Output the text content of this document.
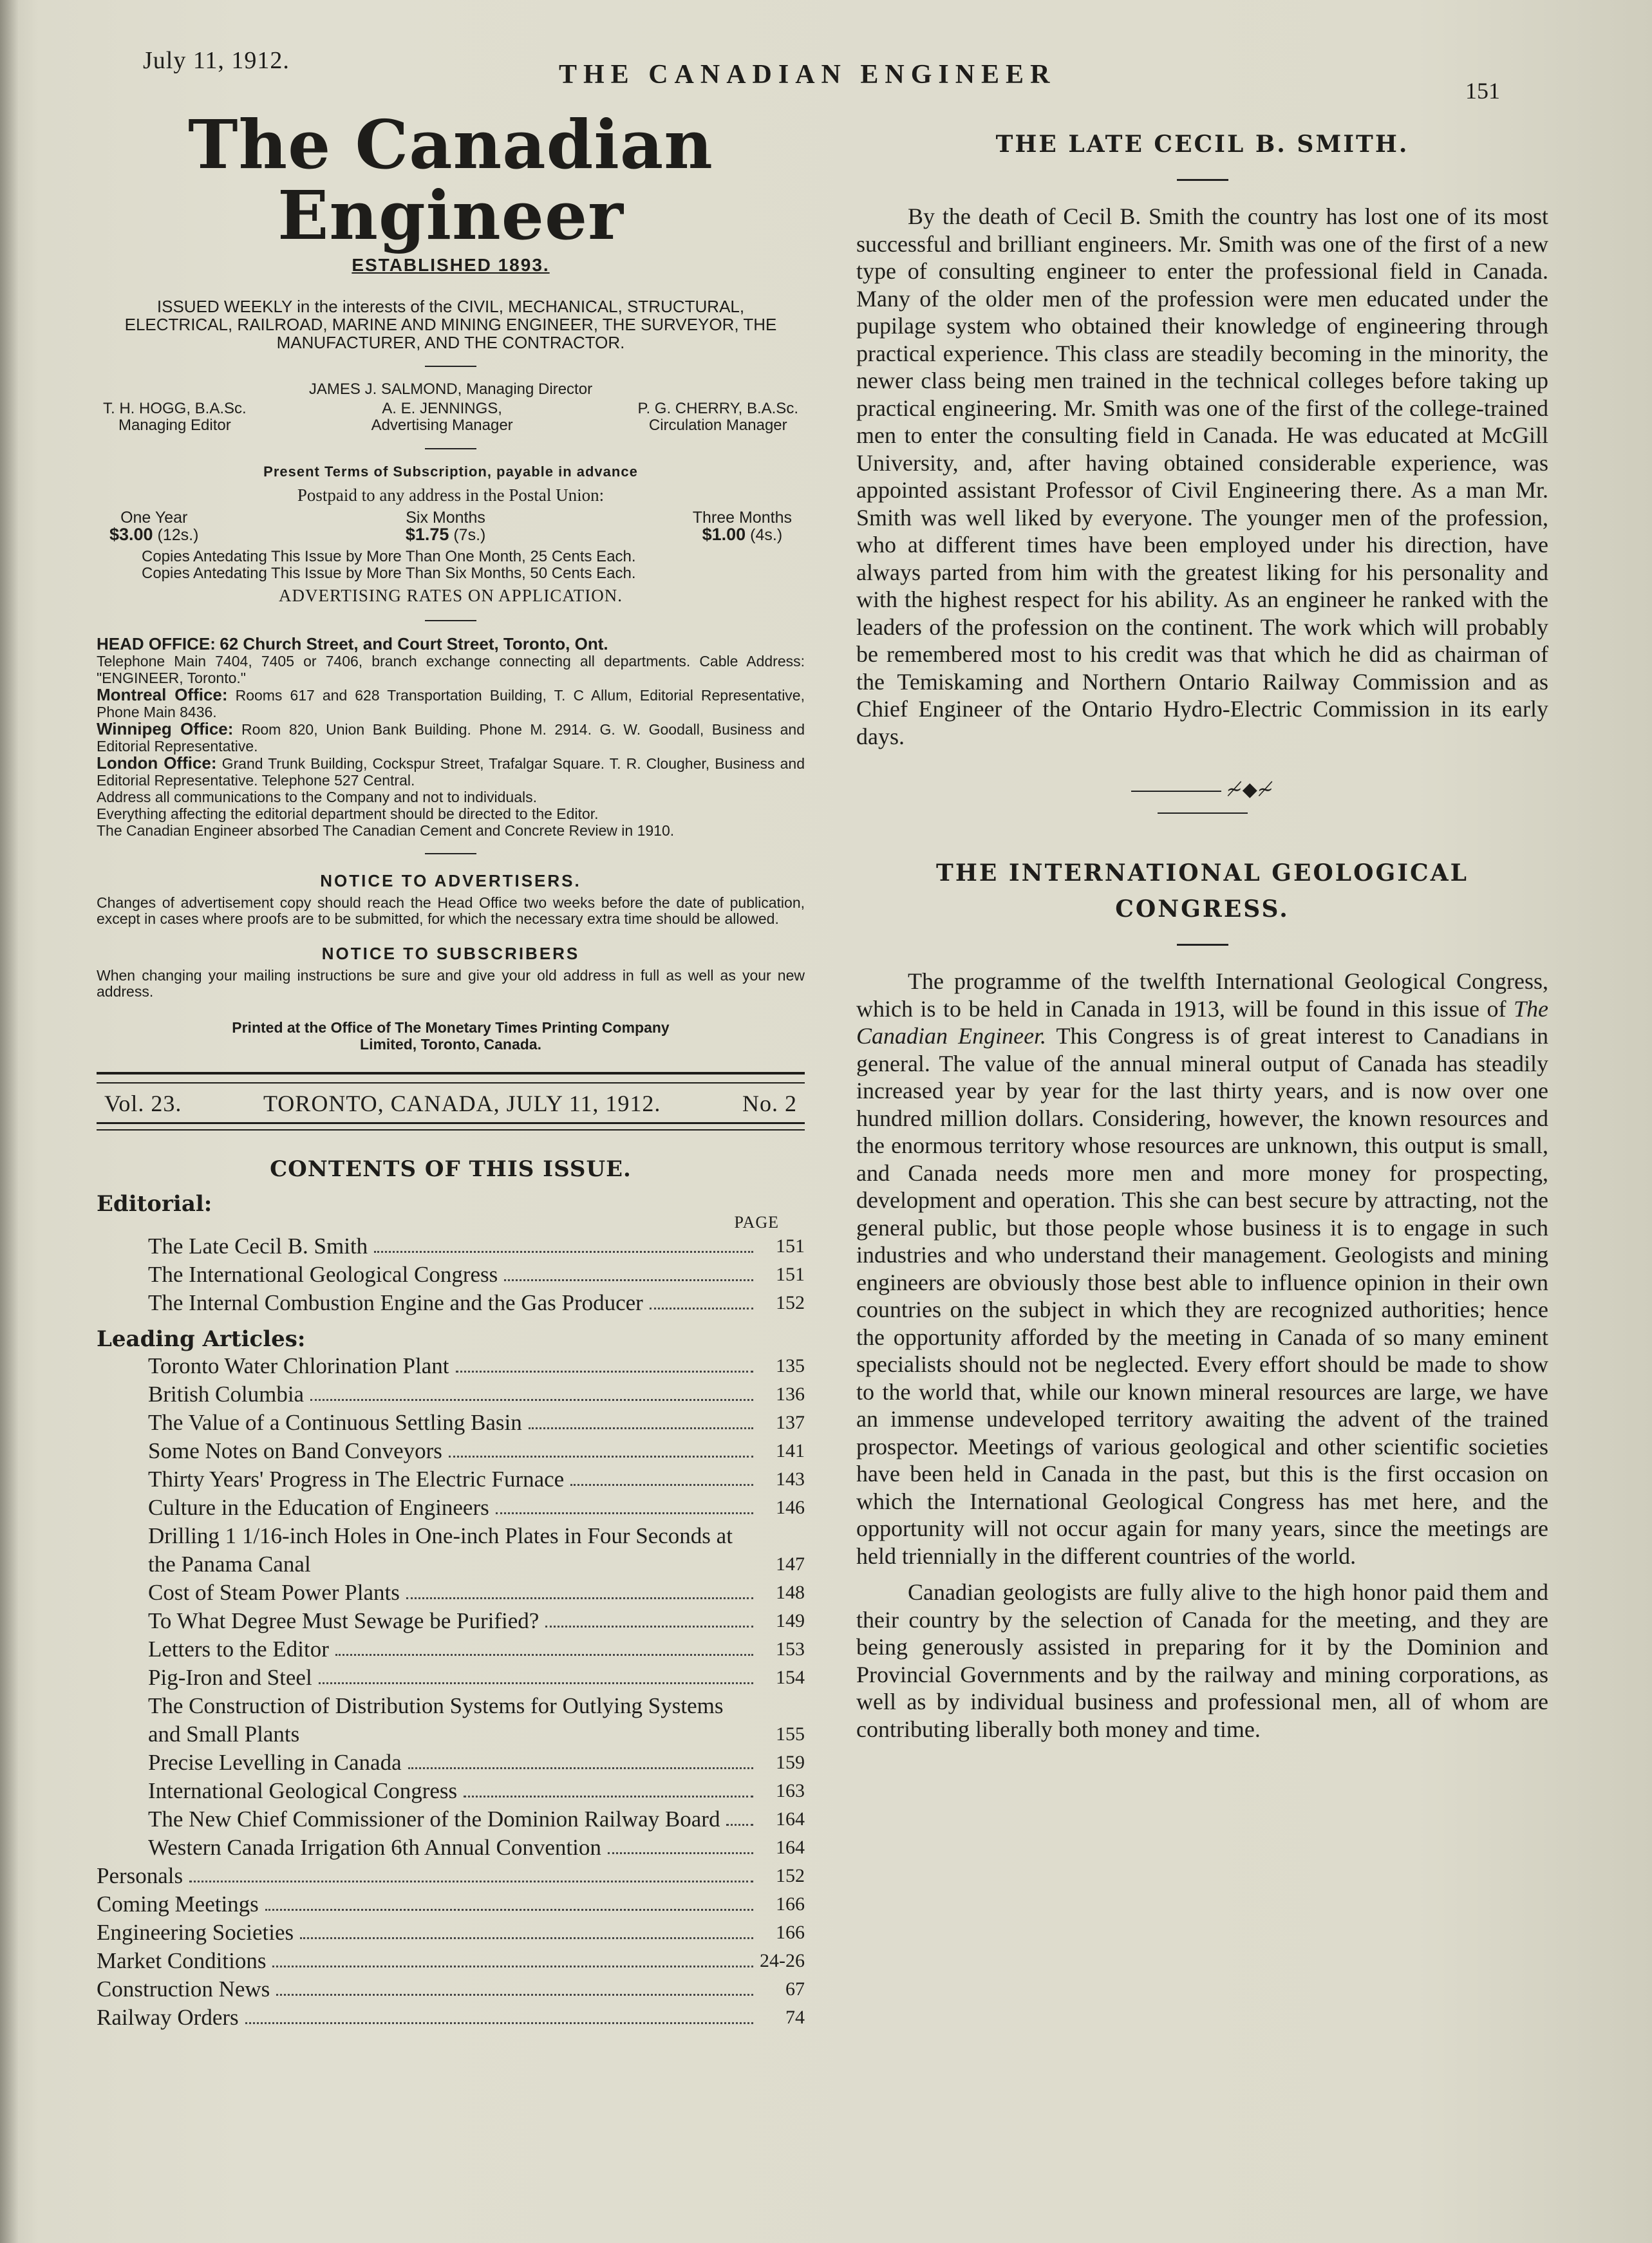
July 11, 1912.	THE CANADIAN ENGINEER
151
The Canadian Engineer
ESTABLISHED 1893.
ISSUED WEEKLY in the interests of the CIVIL, MECHANICAL, STRUCTURAL, ELECTRICAL, RAILROAD, MARINE AND MINING ENGINEER, THE SURVEYOR, THE MANUFACTURER, AND THE CONTRACTOR.
JAMES J. SALMOND, Managing Director
T. H. HOGG, B.A.Sc.
Managing Editor
A. E. JENNINGS,
Advertising Manager
P. G. CHERRY, B.A.Sc.
Circulation Manager
Present Terms of Subscription, payable in advance
Postpaid to any address in the Postal Union:
One Year
$3.00 (12s.)
Six Months
$1.75 (7s.)
Three Months
$1.00 (4s.)
Copies Antedating This Issue by More Than One Month, 25 Cents Each.
Copies Antedating This Issue by More Than Six Months, 50 Cents Each.
ADVERTISING RATES ON APPLICATION.
HEAD OFFICE: 62 Church Street, and Court Street, Toronto, Ont.
Telephone Main 7404, 7405 or 7406, branch exchange connecting all departments. Cable Address: "ENGINEER, Toronto."
Montreal Office: Rooms 617 and 628 Transportation Building, T. C Allum, Editorial Representative, Phone Main 8436.
Winnipeg Office: Room 820, Union Bank Building. Phone M. 2914. G. W. Goodall, Business and Editorial Representative.
London Office: Grand Trunk Building, Cockspur Street, Trafalgar Square. T. R. Clougher, Business and Editorial Representative. Telephone 527 Central.
Address all communications to the Company and not to individuals.
Everything affecting the editorial department should be directed to the Editor.
The Canadian Engineer absorbed The Canadian Cement and Concrete Review in 1910.
NOTICE TO ADVERTISERS.
Changes of advertisement copy should reach the Head Office two weeks before the date of publication, except in cases where proofs are to be submitted, for which the necessary extra time should be allowed.
NOTICE TO SUBSCRIBERS
When changing your mailing instructions be sure and give your old address in full as well as your new address.
Printed at the Office of The Monetary Times Printing Company
Limited, Toronto, Canada.
Vol. 23.	TORONTO, CANADA, JULY 11, 1912.	No. 2
CONTENTS OF THIS ISSUE.
Editorial:
PAGE
The Late Cecil B. Smith	151
The International Geological Congress	151
The Internal Combustion Engine and the Gas Producer	152
Leading Articles:
Toronto Water Chlorination Plant	135
British Columbia	136
The Value of a Continuous Settling Basin	137
Some Notes on Band Conveyors	141
Thirty Years' Progress in The Electric Furnace	143
Culture in the Education of Engineers	146
Drilling 1 1/16-inch Holes in One-inch Plates in Four Seconds at the Panama Canal	147
Cost of Steam Power Plants	148
To What Degree Must Sewage be Purified?	149
Letters to the Editor	153
Pig-Iron and Steel	154
The Construction of Distribution Systems for Outlying Systems and Small Plants	155
Precise Levelling in Canada	159
International Geological Congress	163
The New Chief Commissioner of the Dominion Railway Board	164
Western Canada Irrigation 6th Annual Convention	164
Personals	152
Coming Meetings	166
Engineering Societies	166
Market Conditions	24-26
Construction News	67
Railway Orders	74
THE LATE CECIL B. SMITH.

By the death of Cecil B. Smith the country has lost one of its most successful and brilliant engineers. Mr. Smith was one of the first of a new type of consulting engineer to enter the professional field in Canada. Many of the older men of the profession were men educated under the pupilage system who obtained their knowledge of engineering through practical experience. This class are steadily becoming in the minority, the newer class being men trained in the technical colleges before taking up practical engineering. Mr. Smith was one of the first of the college-trained men to enter the consulting field in Canada. He was educated at McGill University, and, after having obtained considerable experience, was appointed assistant Professor of Civil Engineering there. As a man Mr. Smith was well liked by everyone. The younger men of the profession, who at different times have been employed under his direction, have always parted from him with the greatest liking for his personality and with the highest respect for his ability. As an engineer he ranked with the leaders of the profession on the continent. The work which will probably be remembered most to his credit was that which he did as chairman of the Temiskaming and Northern Ontario Railway Commission and as Chief Engineer of the Ontario Hydro-Electric Commission in its early days.

≁◆≁
THE INTERNATIONAL GEOLOGICAL
CONGRESS.

The programme of the twelfth International Geological Congress, which is to be held in Canada in 1913, will be found in this issue of The Canadian Engineer. This Congress is of great interest to Canadians in general. The value of the annual mineral output of Canada has steadily increased year by year for the last thirty years, and is now over one hundred million dollars. Considering, however, the known resources and the enormous territory whose resources are unknown, this output is small, and Canada needs more men and more money for prospecting, development and operation. This she can best secure by attracting, not the general public, but those people whose business it is to engage in such industries and who understand their management. Geologists and mining engineers are obviously those best able to influence opinion in their own countries on the subject in which they are recognized authorities; hence the opportunity afforded by the meeting in Canada of so many eminent specialists should not be neglected. Every effort should be made to show to the world that, while our known mineral resources are large, we have an immense undeveloped territory awaiting the advent of the trained prospector. Meetings of various geological and other scientific societies have been held in Canada in the past, but this is the first occasion on which the International Geological Congress has met here, and the opportunity will not occur again for many years, since the meetings are held triennially in the different countries of the world.

Canadian geologists are fully alive to the high honor paid them and their country by the selection of Canada for the meeting, and they are being generously assisted in preparing for it by the Dominion and Provincial Governments and by the railway and mining corporations, as well as by individual business and professional men, all of whom are contributing liberally both money and time.
